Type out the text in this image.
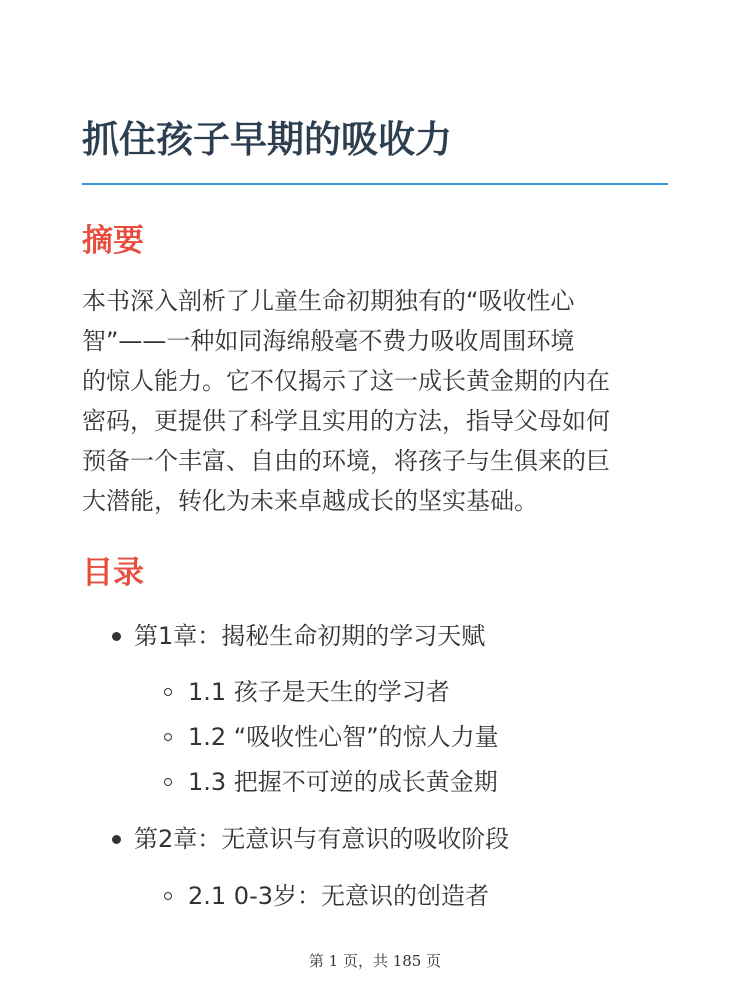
抓住孩子早期的吸收力
摘要

本书深入剖析了儿童生命初期独有的“吸收性心
智”——一种如同海绵般毫不费力吸收周围环境
的惊人能力。它不仅揭示了这一成长黄金期的内在
密码，更提供了科学且实用的方法，指导父母如何
预备一个丰富、自由的环境，将孩子与生俱来的巨
大潜能，转化为未来卓越成长的坚实基础。

目录
第1章：揭秘生命初期的学习天赋
1.1 孩子是天生的学习者
1.2 “吸收性心智”的惊人力量
1.3 把握不可逆的成长黄金期
第2章：无意识与有意识的吸收阶段
2.1 0-3岁：无意识的创造者
第 1 页，共 185 页
